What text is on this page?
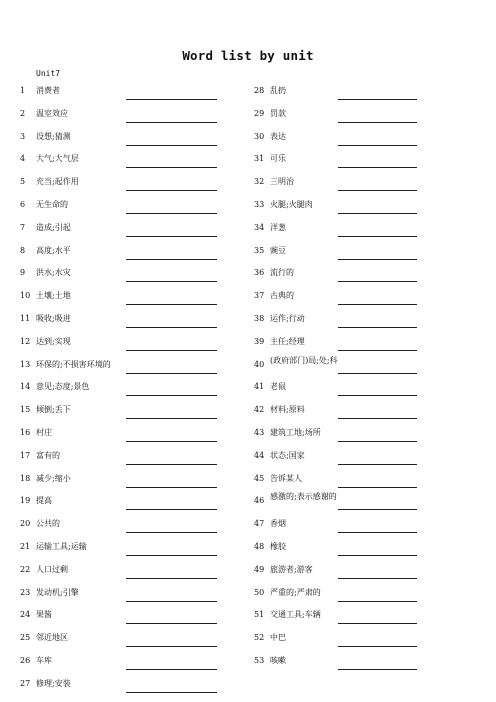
Word list by unit
Unit7
1	消费者
2	温室效应
3	设想;猜测
4	大气;大气层
5	充当;起作用
6	无生命的
7	造成;引起
8	高度;水平
9	洪水;水灾
10 土壤;土地
11 吸收;吸进
12 达到;实现
13 环保的;不损害环境的
14 意见;态度;景色
15 倾倒;丢下
16 村庄
17 富有的
18 减少;缩小
19 提高
20 公共的
21 运输工具;运输
22 人口过剩
23 发动机;引擎
24 果酱
25 邻近地区
26 车库
27 修理;安装
28 乱扔
29 罚款
30 表达
31 可乐
32 三明治
33 火腿;火腿肉
34 洋葱
35 豌豆
36 流行的
37 古典的
38 运作;行动
39 主任;经理
40 (政府部门)局;处;科
41 老鼠
42 材料;原料
43 建筑工地;场所
44 状态;国家
45 告诉某人
46 感激的;表示感谢的
47 香烟
48 橡胶
49 旅游者;游客
50 严重的;严肃的
51 交通工具;车辆
52 中巴
53 咳嗽
